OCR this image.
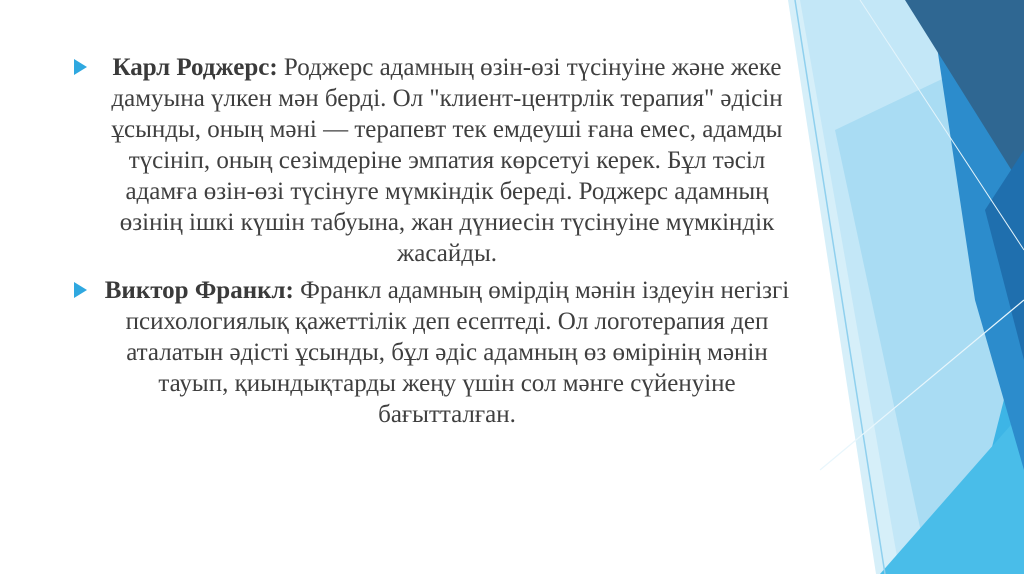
Карл Роджерс: Роджерс адамның өзін-өзі түсінуіне және жеке дамуына үлкен мән берді. Ол "клиент-центрлік терапия" әдісін ұсынды, оның мәні — терапевт тек емдеуші ғана емес, адамды түсініп, оның сезімдеріне эмпатия көрсетуі керек. Бұл тәсіл адамға өзін-өзі түсінуге мүмкіндік береді. Роджерс адамның өзінің ішкі күшін табуына, жан дүниесін түсінуіне мүмкіндік жасайды.
Виктор Франкл: Франкл адамның өмірдің мәнін іздеуін негізгі психологиялық қажеттілік деп есептеді. Ол логотерапия деп аталатын әдісті ұсынды, бұл әдіс адамның өз өмірінің мәнін тауып, қиындықтарды жеңу үшін сол мәнге сүйенуіне бағытталған.
